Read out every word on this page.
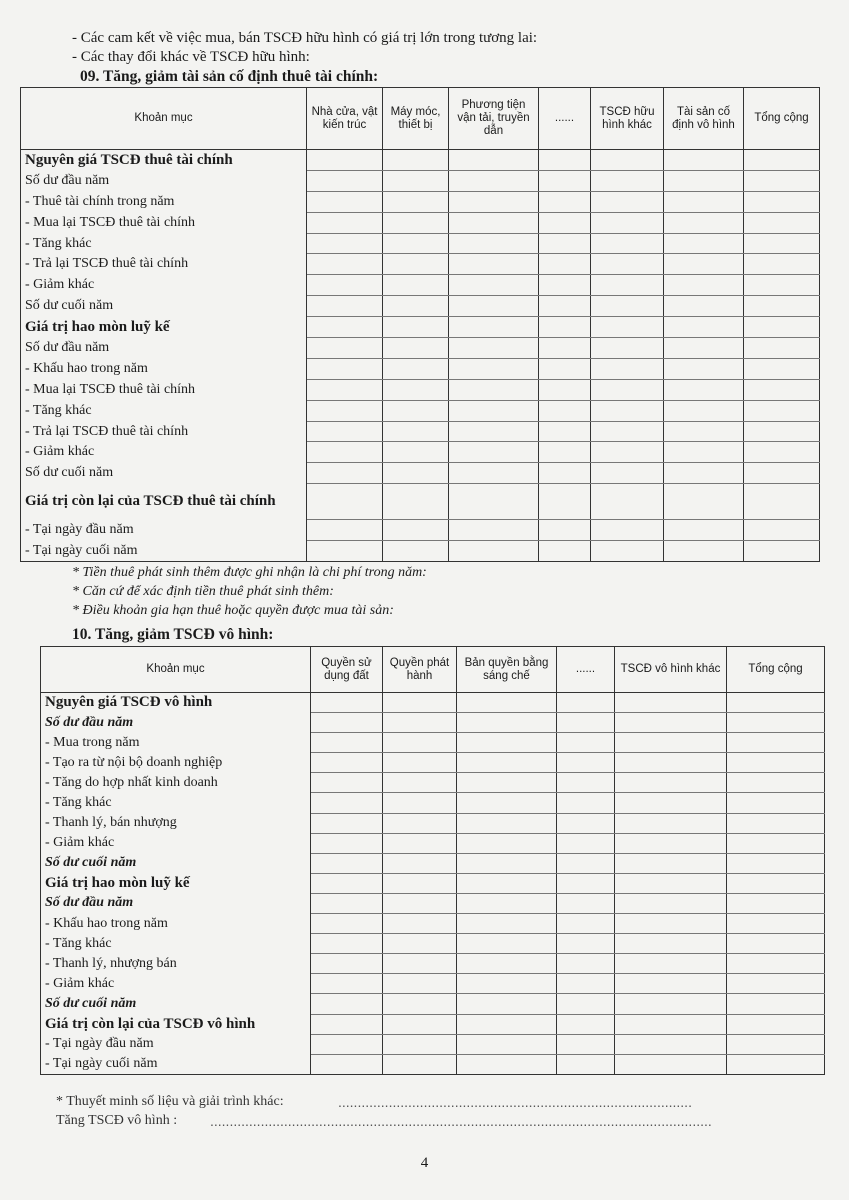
- Các cam kết về việc mua, bán TSCĐ hữu hình có giá trị lớn trong tương lai:
- Các thay đổi khác về TSCĐ hữu hình:
09. Tăng, giảm tài sản cố định thuê tài chính:
Khoản mục	Nhà cửa, vật kiến trúc	Máy móc, thiết bị	Phương tiện vận tải, truyền dẫn	......	TSCĐ hữu hình khác	Tài sản cố định vô hình	Tổng cộng
Nguyên giá TSCĐ thuê tài chính							
Số dư đầu năm							
- Thuê tài chính trong năm							
- Mua lại TSCĐ thuê tài chính							
- Tăng khác							
- Trả lại TSCĐ thuê tài chính							
- Giảm khác							
Số dư cuối năm							
Giá trị hao mòn luỹ kế							
Số dư đầu năm							
- Khấu hao trong năm							
- Mua lại TSCĐ thuê tài chính							
- Tăng khác							
- Trả lại TSCĐ thuê tài chính							
- Giảm khác							
Số dư cuối năm							
Giá trị còn lại của TSCĐ thuê tài chính							
- Tại ngày đầu năm							
- Tại ngày cuối năm							
* Tiền thuê phát sinh thêm được ghi nhận là chi phí trong năm:
* Căn cứ để xác định tiền thuê phát sinh thêm:
* Điều khoản gia hạn thuê hoặc quyền được mua tài sản:
10. Tăng, giảm TSCĐ vô hình:
Khoản mục	Quyền sử dụng đất	Quyền phát hành	Bản quyền bằng sáng chế	......	TSCĐ vô hình khác	Tổng cộng
Nguyên giá TSCĐ vô hình						
Số dư đầu năm						
- Mua trong năm						
- Tạo ra từ nội bộ doanh nghiệp						
- Tăng do hợp nhất kinh doanh						
- Tăng khác						
- Thanh lý, bán nhượng						
- Giảm khác						
Số dư cuối năm						
Giá trị hao mòn luỹ kế						
Số dư đầu năm						
- Khấu hao trong năm						
- Tăng khác						
- Thanh lý, nhượng bán						
- Giảm khác						
Số dư cuối năm						
Giá trị còn lại của TSCĐ vô hình						
- Tại ngày đầu năm						
- Tại ngày cuối năm						
* Thuyết minh số liệu và giải trình khác:	...........................................................................................
Tăng TSCĐ vô hình : .................................................................................................................................
4
